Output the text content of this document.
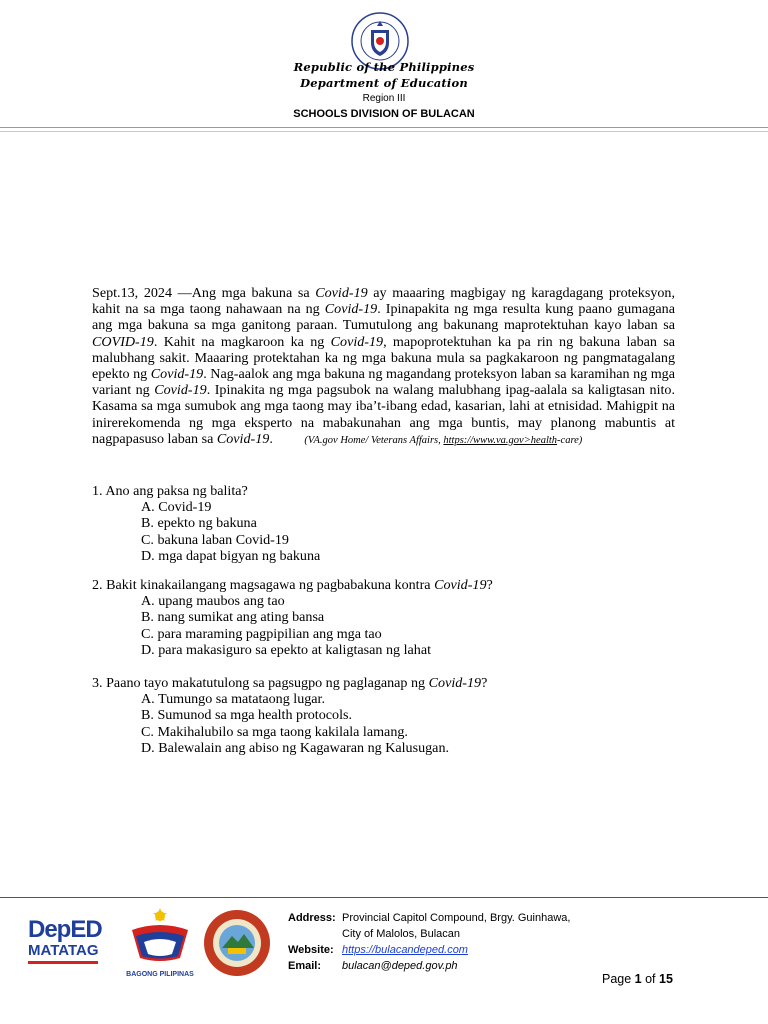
Republic of the Philippines
Department of Education
Region III
SCHOOLS DIVISION OF BULACAN

Sept.13, 2024 —Ang mga bakuna sa Covid-19 ay maaaring magbigay ng karagdagang proteksyon, kahit na sa mga taong nahawaan na ng Covid-19. Ipinapakita ng mga resulta kung paano gumagana ang mga bakuna sa mga ganitong paraan. Tumutulong ang bakunang maprotektuhan kayo laban sa COVID-19. Kahit na magkaroon ka ng Covid-19, mapoprotektuhan ka pa rin ng bakuna laban sa malubhang sakit. Maaaring protektahan ka ng mga bakuna mula sa pagkakaroon ng pangmatagalang epekto ng Covid-19. Nag-aalok ang mga bakuna ng magandang proteksyon laban sa karamihan ng mga variant ng Covid-19. Ipinakita ng mga pagsubok na walang malubhang ipag-aalala sa kaligtasan nito. Kasama sa mga sumubok ang mga taong may iba’t-ibang edad, kasarian, lahi at etnisidad. Mahigpit na inirerekomenda ng mga eksperto na mabakunahan ang mga buntis, may planong mabuntis at nagpapasuso laban sa Covid-19.	(VA.gov Home/ Veterans Affairs, https://www.va.gov>health-care)

1. Ano ang paksa ng balita?
A. Covid-19
B. epekto ng bakuna
C. bakuna laban Covid-19
D. mga dapat bigyan ng bakuna
2. Bakit kinakailangang magsagawa ng pagbabakuna kontra Covid-19?
A. upang maubos ang tao
B. nang sumikat ang ating bansa
C. para maraming pagpipilian ang mga tao
D. para makasiguro sa epekto at kaligtasan ng lahat
3. Paano tayo makatutulong sa pagsugpo ng paglaganap ng Covid-19?
A. Tumungo sa matataong lugar.
B. Sumunod sa mga health protocols.
C. Makihalubilo sa mga taong kakilala lamang.
D. Balewalain ang abiso ng Kagawaran ng Kalusugan.
DepED
MATATAG
BAGONG PILIPINAS
Address: Provincial Capitol Compound, Brgy. Guinhawa,
City of Malolos, Bulacan
Website: https://bulacandeped.com
Email: bulacan@deped.gov.ph
Page 1 of 15
